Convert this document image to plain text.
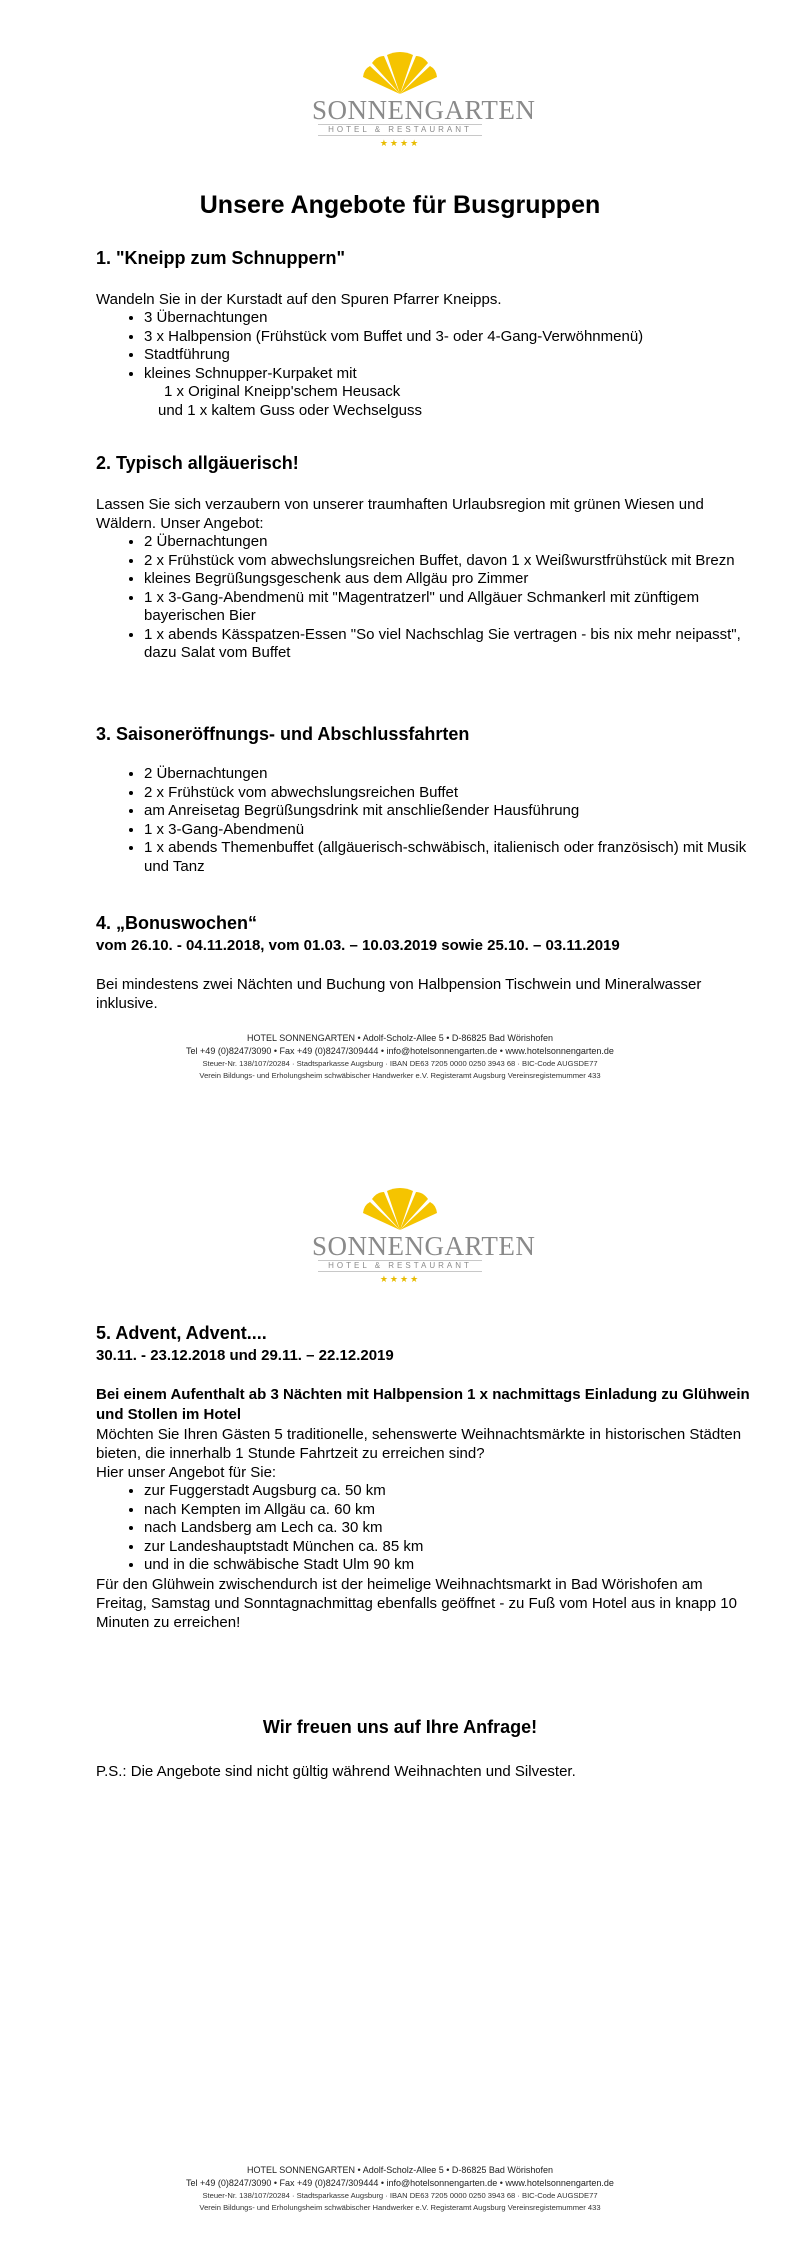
SONNENGARTEN
HOTEL & RESTAURANT
★★★★
Unsere Angebote für Busgruppen
1. "Kneipp zum Schnuppern"

Wandeln Sie in der Kurstadt auf den Spuren Pfarrer Kneipps.

• 3 Übernachtungen
• 3 x Halbpension (Frühstück vom Buffet und 3- oder 4-Gang-Verwöhnmenü)
• Stadtführung
• kleines Schnupper-Kurpaket mit
1 x Original Kneipp'schem Heusack
und 1 x kaltem Guss oder Wechselguss
2. Typisch allgäuerisch!

Lassen Sie sich verzaubern von unserer traumhaften Urlaubsregion mit grünen Wiesen und Wäldern. Unser Angebot:

• 2 Übernachtungen
• 2 x Frühstück vom abwechslungsreichen Buffet, davon 1 x Weißwurstfrühstück mit Brezn
• kleines Begrüßungsgeschenk aus dem Allgäu pro Zimmer
• 1 x 3-Gang-Abendmenü mit "Magentratzerl" und Allgäuer Schmankerl mit zünftigem bayerischen Bier
• 1 x abends Kässpatzen-Essen "So viel Nachschlag Sie vertragen - bis nix mehr neipasst", dazu Salat vom Buffet
3. Saisoneröffnungs- und Abschlussfahrten
• 2 Übernachtungen
• 2 x Frühstück vom abwechslungsreichen Buffet
• am Anreisetag Begrüßungsdrink mit anschließender Hausführung
• 1 x 3-Gang-Abendmenü
• 1 x abends Themenbuffet (allgäuerisch-schwäbisch, italienisch oder französisch) mit Musik und Tanz
4. „Bonuswochen“
vom 26.10. - 04.11.2018, vom 01.03. – 10.03.2019 sowie 25.10. – 03.11.2019

Bei mindestens zwei Nächten und Buchung von Halbpension Tischwein und Mineralwasser inklusive.

HOTEL SONNENGARTEN • Adolf-Scholz-Allee 5 • D-86825 Bad Wörishofen
Tel +49 (0)8247/3090 • Fax +49 (0)8247/309444 • info@hotelsonnengarten.de • www.hotelsonnengarten.de
Steuer-Nr. 138/107/20284 · Stadtsparkasse Augsburg · IBAN DE63 7205 0000 0250 3943 68 · BIC-Code AUGSDE77
Verein Bildungs- und Erholungsheim schwäbischer Handwerker e.V. Registeramt Augsburg Vereinsregistemummer 433
SONNENGARTEN
HOTEL & RESTAURANT
★★★★
5. Advent, Advent....
30.11. - 23.12.2018 und 29.11. – 22.12.2019

Bei einem Aufenthalt ab 3 Nächten mit Halbpension 1 x nachmittags Einladung zu Glühwein und Stollen im Hotel

Möchten Sie Ihren Gästen 5 traditionelle, sehenswerte Weihnachtsmärkte in historischen Städten bieten, die innerhalb 1 Stunde Fahrtzeit zu erreichen sind?

Hier unser Angebot für Sie:

• zur Fuggerstadt Augsburg ca. 50 km
• nach Kempten im Allgäu ca. 60 km
• nach Landsberg am Lech ca. 30 km
• zur Landeshauptstadt München ca. 85 km
• und in die schwäbische Stadt Ulm 90 km

Für den Glühwein zwischendurch ist der heimelige Weihnachtsmarkt in Bad Wörishofen am Freitag, Samstag und Sonntagnachmittag ebenfalls geöffnet - zu Fuß vom Hotel aus in knapp 10 Minuten zu erreichen!

Wir freuen uns auf Ihre Anfrage!

P.S.: Die Angebote sind nicht gültig während Weihnachten und Silvester.

HOTEL SONNENGARTEN • Adolf-Scholz-Allee 5 • D-86825 Bad Wörishofen
Tel +49 (0)8247/3090 • Fax +49 (0)8247/309444 • info@hotelsonnengarten.de • www.hotelsonnengarten.de
Steuer-Nr. 138/107/20284 · Stadtsparkasse Augsburg · IBAN DE63 7205 0000 0250 3943 68 · BIC-Code AUGSDE77
Verein Bildungs- und Erholungsheim schwäbischer Handwerker e.V. Registeramt Augsburg Vereinsregistemummer 433
